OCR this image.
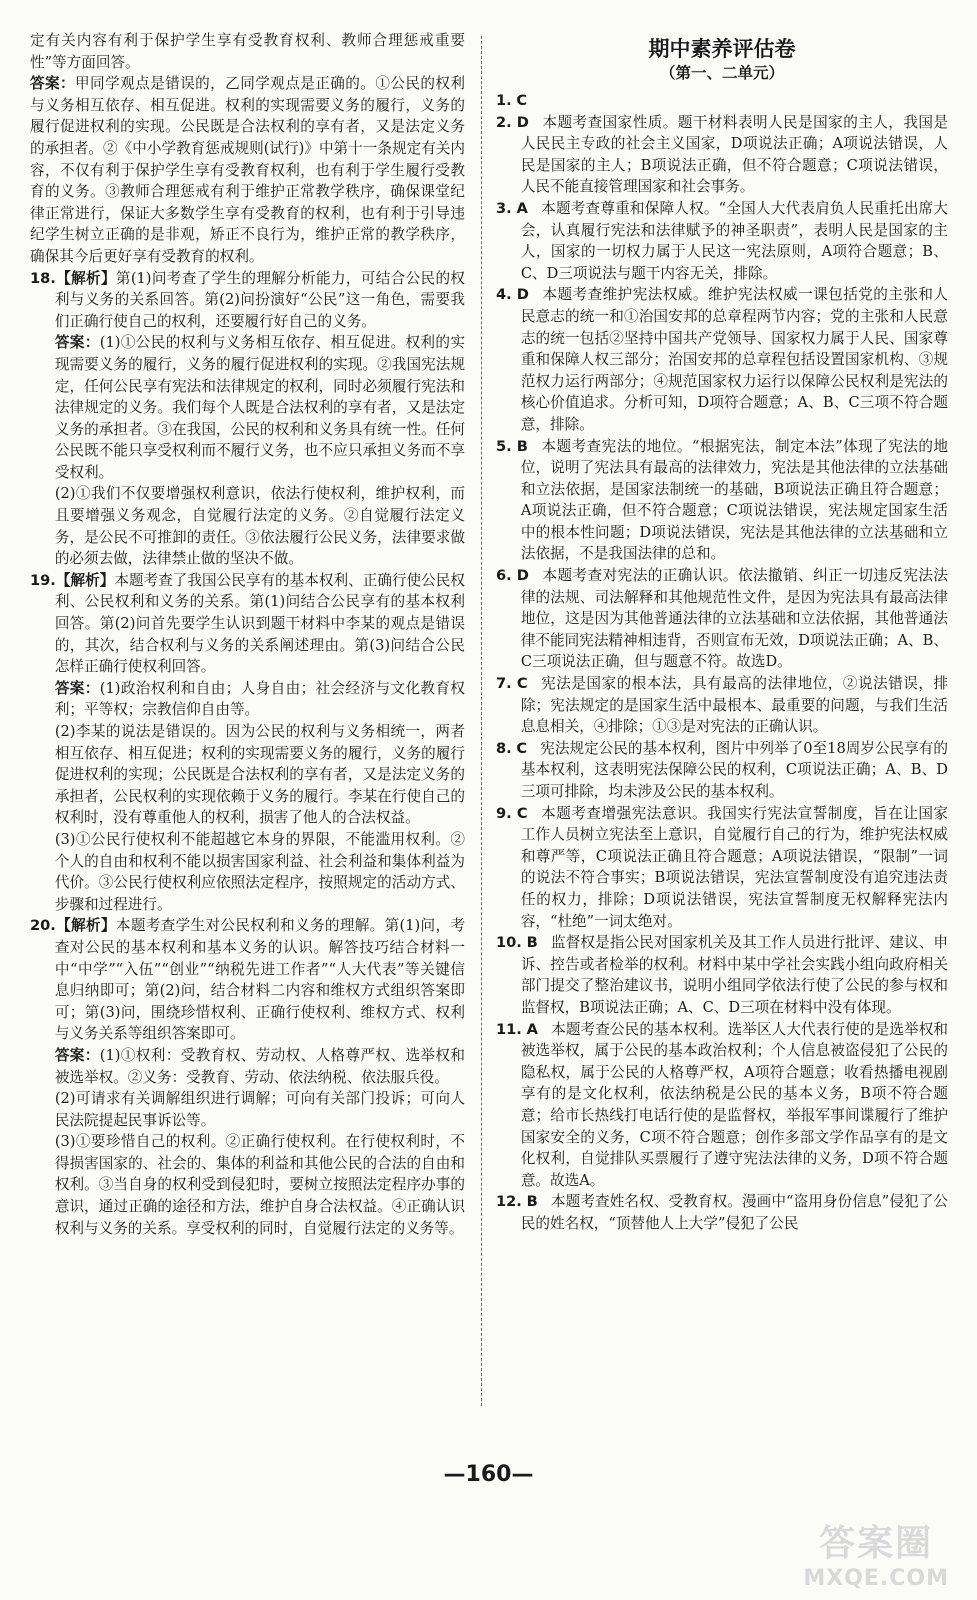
定有关内容有利于保护学生享有受教育权利、教师合理惩戒重要性”等方面回答。

答案：甲同学观点是错误的，乙同学观点是正确的。①公民的权利与义务相互依存、相互促进。权利的实现需要义务的履行，义务的履行促进权利的实现。公民既是合法权利的享有者，又是法定义务的承担者。②《中小学教育惩戒规则(试行)》中第十一条规定有关内容，不仅有利于保护学生享有受教育权利，也有利于学生履行受教育的义务。③教师合理惩戒有利于维护正常教学秩序，确保课堂纪律正常进行，保证大多数学生享有受教育的权利，也有利于引导违纪学生树立正确的是非观，矫正不良行为，维护正常的教学秩序，确保其今后更好享有受教育的权利。

18.【解析】第(1)问考查了学生的理解分析能力，可结合公民的权利与义务的关系回答。第(2)问扮演好“公民”这一角色，需要我们正确行使自己的权利，还要履行好自己的义务。

答案：(1)①公民的权利与义务相互依存、相互促进。权利的实现需要义务的履行，义务的履行促进权利的实现。②我国宪法规定，任何公民享有宪法和法律规定的权利，同时必须履行宪法和法律规定的义务。我们每个人既是合法权利的享有者，又是法定义务的承担者。③在我国，公民的权利和义务具有统一性。任何公民既不能只享受权利而不履行义务，也不应只承担义务而不享受权利。

(2)①我们不仅要增强权利意识，依法行使权利，维护权利，而且要增强义务观念，自觉履行法定的义务。②自觉履行法定义务，是公民不可推卸的责任。③依法履行公民义务，法律要求做的必须去做，法律禁止做的坚决不做。

19.【解析】本题考查了我国公民享有的基本权利、正确行使公民权利、公民权利和义务的关系。第(1)问结合公民享有的基本权利回答。第(2)问首先要学生认识到题干材料中李某的观点是错误的，其次，结合权利与义务的关系阐述理由。第(3)问结合公民怎样正确行使权利回答。

答案：(1)政治权利和自由；人身自由；社会经济与文化教育权利；平等权；宗教信仰自由等。

(2)李某的说法是错误的。因为公民的权利与义务相统一，两者相互依存、相互促进；权利的实现需要义务的履行，义务的履行促进权利的实现；公民既是合法权利的享有者，又是法定义务的承担者，公民权利的实现依赖于义务的履行。李某在行使自己的权利时，没有尊重他人的权利，损害了他人的合法权益。

(3)①公民行使权利不能超越它本身的界限，不能滥用权利。②个人的自由和权利不能以损害国家利益、社会利益和集体利益为代价。③公民行使权利应依照法定程序，按照规定的活动方式、步骤和过程进行。

20.【解析】本题考查学生对公民权利和义务的理解。第(1)问，考查对公民的基本权利和基本义务的认识。解答技巧结合材料一中“中学”“入伍”“创业”“纳税先进工作者”“人大代表”等关键信息归纳即可；第(2)问，结合材料二内容和维权方式组织答案即可；第(3)问，围绕珍惜权利、正确行使权利、维权方式、权利与义务关系等组织答案即可。

答案：(1)①权利：受教育权、劳动权、人格尊严权、选举权和被选举权。②义务：受教育、劳动、依法纳税、依法服兵役。

(2)可请求有关调解组织进行调解；可向有关部门投诉；可向人民法院提起民事诉讼等。

(3)①要珍惜自己的权利。②正确行使权利。在行使权利时，不得损害国家的、社会的、集体的利益和其他公民的合法的自由和权利。③当自身的权利受到侵犯时，要树立按照法定程序办事的意识，通过正确的途径和方法，维护自身合法权益。④正确认识权利与义务的关系。享受权利的同时，自觉履行法定的义务等。

期中素养评估卷
（第一、二单元）

1. C

2. D 本题考查国家性质。题干材料表明人民是国家的主人，我国是人民民主专政的社会主义国家，D项说法正确；A项说法错误，人民是国家的主人；B项说法正确，但不符合题意；C项说法错误，人民不能直接管理国家和社会事务。

3. A 本题考查尊重和保障人权。“全国人大代表肩负人民重托出席大会，认真履行宪法和法律赋予的神圣职责”，表明人民是国家的主人，国家的一切权力属于人民这一宪法原则，A项符合题意；B、C、D三项说法与题干内容无关，排除。

4. D 本题考查维护宪法权威。维护宪法权威一课包括党的主张和人民意志的统一和①治国安邦的总章程两节内容；党的主张和人民意志的统一包括②坚持中国共产党领导、国家权力属于人民、国家尊重和保障人权三部分；治国安邦的总章程包括设置国家机构、③规范权力运行两部分；④规范国家权力运行以保障公民权利是宪法的核心价值追求。分析可知，D项符合题意；A、B、C三项不符合题意，排除。

5. B 本题考查宪法的地位。“根据宪法，制定本法”体现了宪法的地位，说明了宪法具有最高的法律效力，宪法是其他法律的立法基础和立法依据，是国家法制统一的基础，B项说法正确且符合题意；A项说法正确，但不符合题意；C项说法错误，宪法规定国家生活中的根本性问题；D项说法错误，宪法是其他法律的立法基础和立法依据，不是我国法律的总和。

6. D 本题考查对宪法的正确认识。依法撤销、纠正一切违反宪法法律的法规、司法解释和其他规范性文件，是因为宪法具有最高法律地位，这是因为其他普通法律的立法基础和立法依据，其他普通法律不能同宪法精神相违背，否则宣布无效，D项说法正确；A、B、C三项说法正确，但与题意不符。故选D。

7. C 宪法是国家的根本法，具有最高的法律地位，②说法错误，排除；宪法规定的是国家生活中最根本、最重要的问题，与我们生活息息相关，④排除；①③是对宪法的正确认识。

8. C 宪法规定公民的基本权利，图片中列举了0至18周岁公民享有的基本权利，这表明宪法保障公民的权利，C项说法正确；A、B、D三项可排除，均未涉及公民的基本权利。

9. C 本题考查增强宪法意识。我国实行宪法宣誓制度，旨在让国家工作人员树立宪法至上意识，自觉履行自己的行为，维护宪法权威和尊严等，C项说法正确且符合题意；A项说法错误，“限制”一词的说法不符合事实；B项说法错误，宪法宣誓制度没有追究违法责任的权力，排除；D项说法错误，宪法宣誓制度无权解释宪法内容，“杜绝”一词太绝对。

10. B 监督权是指公民对国家机关及其工作人员进行批评、建议、申诉、控告或者检举的权利。材料中某中学社会实践小组向政府相关部门提交了整治建议书，说明小组同学依法行使了公民的参与权和监督权，B项说法正确；A、C、D三项在材料中没有体现。

11. A 本题考查公民的基本权利。选举区人大代表行使的是选举权和被选举权，属于公民的基本政治权利；个人信息被盗侵犯了公民的隐私权，属于公民的人格尊严权，A项符合题意；收看热播电视剧享有的是文化权利，依法纳税是公民的基本义务，B项不符合题意；给市长热线打电话行使的是监督权，举报军事间谍履行了维护国家安全的义务，C项不符合题意；创作多部文学作品享有的是文化权利，自觉排队买票履行了遵守宪法法律的义务，D项不符合题意。故选A。

12. B 本题考查姓名权、受教育权。漫画中“盗用身份信息”侵犯了公民的姓名权，“顶替他人上大学”侵犯了公民

—160—
答案圈
MXQE.COM
